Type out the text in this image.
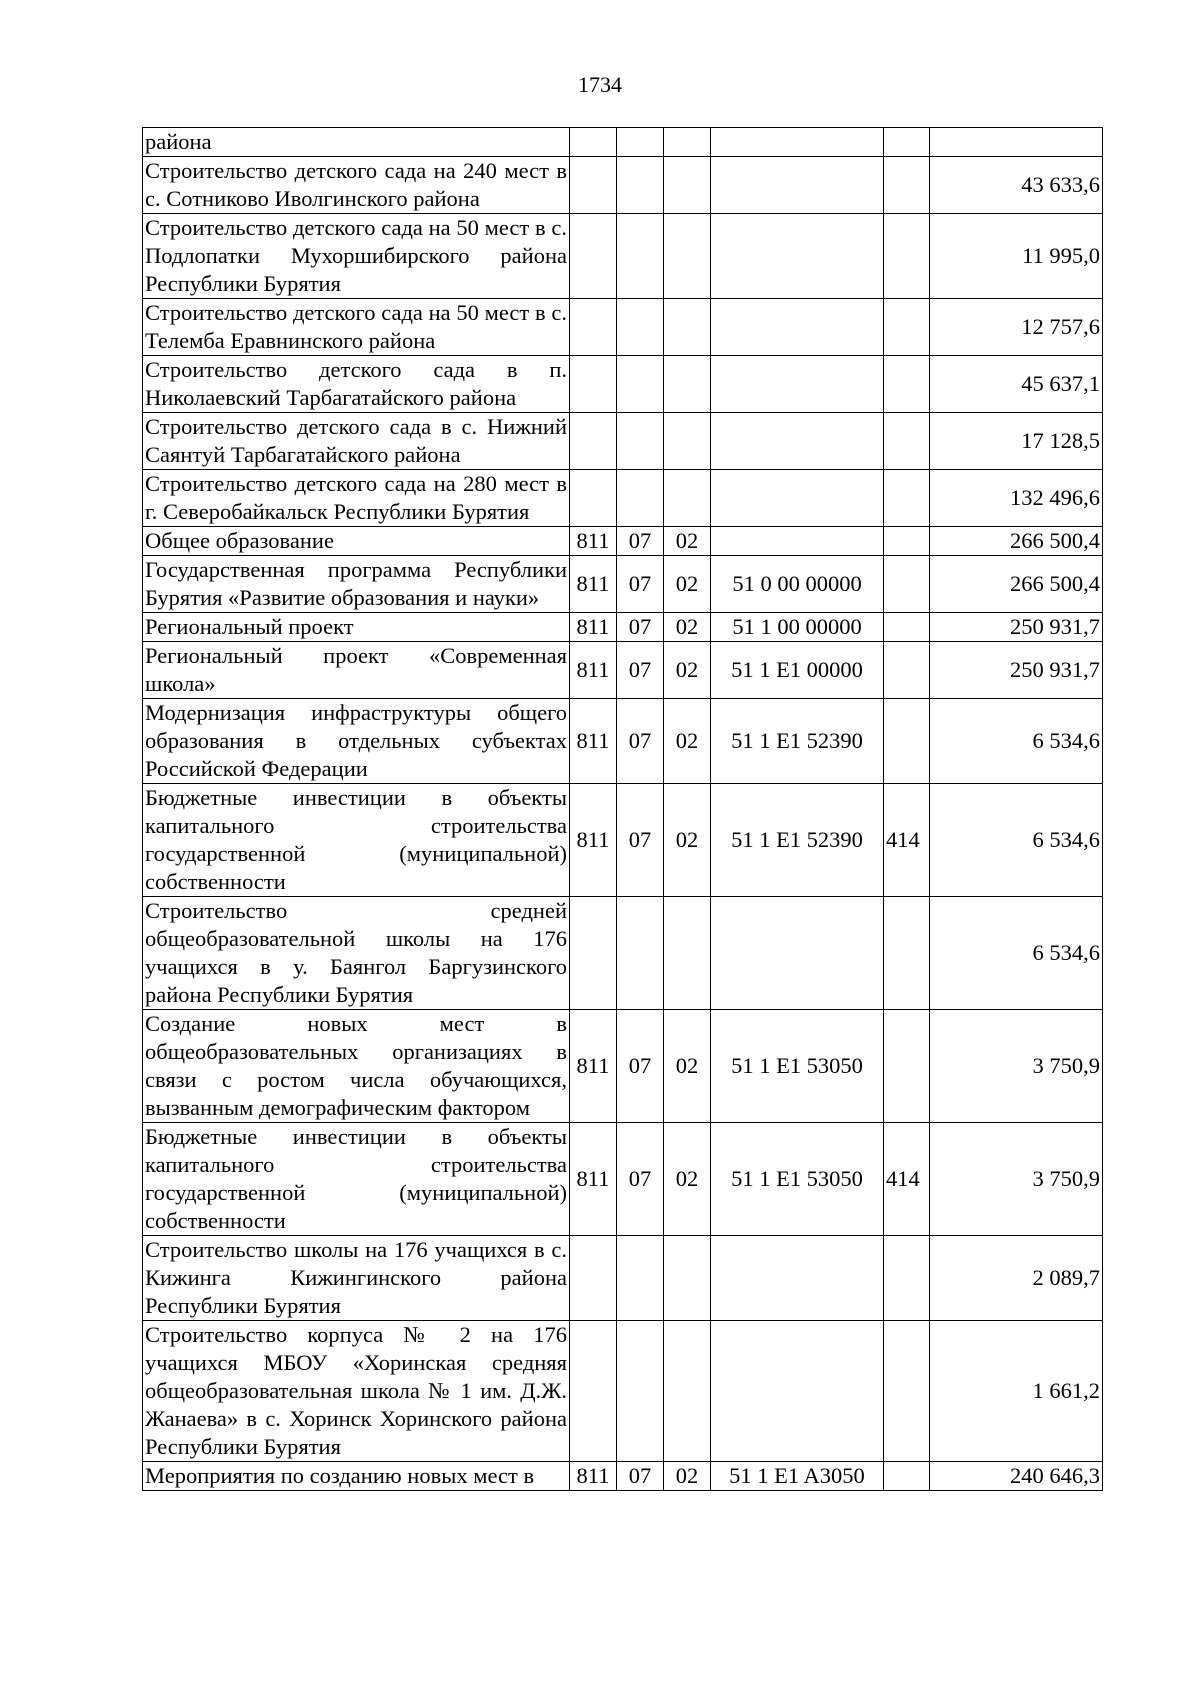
1734
района						
Строительство детского сада на 240 мест в с. Сотниково Иволгинского района						43 633,6
Строительство детского сада на 50 мест в с. Подлопатки Мухоршибирского района Республики Бурятия						11 995,0
Строительство детского сада на 50 мест в с. Телемба Еравнинского района						12 757,6
Строительство детского сада в п. Николаевский Тарбагатайского района						45 637,1
Строительство детского сада в с. Нижний Саянтуй Тарбагатайского района						17 128,5
Строительство детского сада на 280 мест в г. Северобайкальск Республики Бурятия						132 496,6
Общее образование	811	07	02			266 500,4
Государственная программа Республики Бурятия «Развитие образования и науки»	811	07	02	51 0 00 00000		266 500,4
Региональный проект	811	07	02	51 1 00 00000		250 931,7
Региональный проект «Современная школа»	811	07	02	51 1 E1 00000		250 931,7
Модернизация инфраструктуры общего образования в отдельных субъектах Российской Федерации	811	07	02	51 1 E1 52390		6 534,6
Бюджетные инвестиции в объекты капитального строительства государственной (муниципальной) собственности	811	07	02	51 1 E1 52390	414	6 534,6
Строительство средней общеобразовательной школы на 176 учащихся в у. Баянгол Баргузинского района Республики Бурятия						6 534,6
Создание новых мест в общеобразовательных организациях в связи с ростом числа обучающихся, вызванным демографическим фактором	811	07	02	51 1 E1 53050		3 750,9
Бюджетные инвестиции в объекты капитального строительства государственной (муниципальной) собственности	811	07	02	51 1 E1 53050	414	3 750,9
Строительство школы на 176 учащихся в с. Кижинга Кижингинского района Республики Бурятия						2 089,7
Строительство корпуса № 2 на 176 учащихся МБОУ «Хоринская средняя общеобразовательная школа № 1 им. Д.Ж. Жанаева» в с. Хоринск Хоринского района Республики Бурятия						1 661,2
Мероприятия по созданию новых мест в	811	07	02	51 1 E1 A3050		240 646,3
